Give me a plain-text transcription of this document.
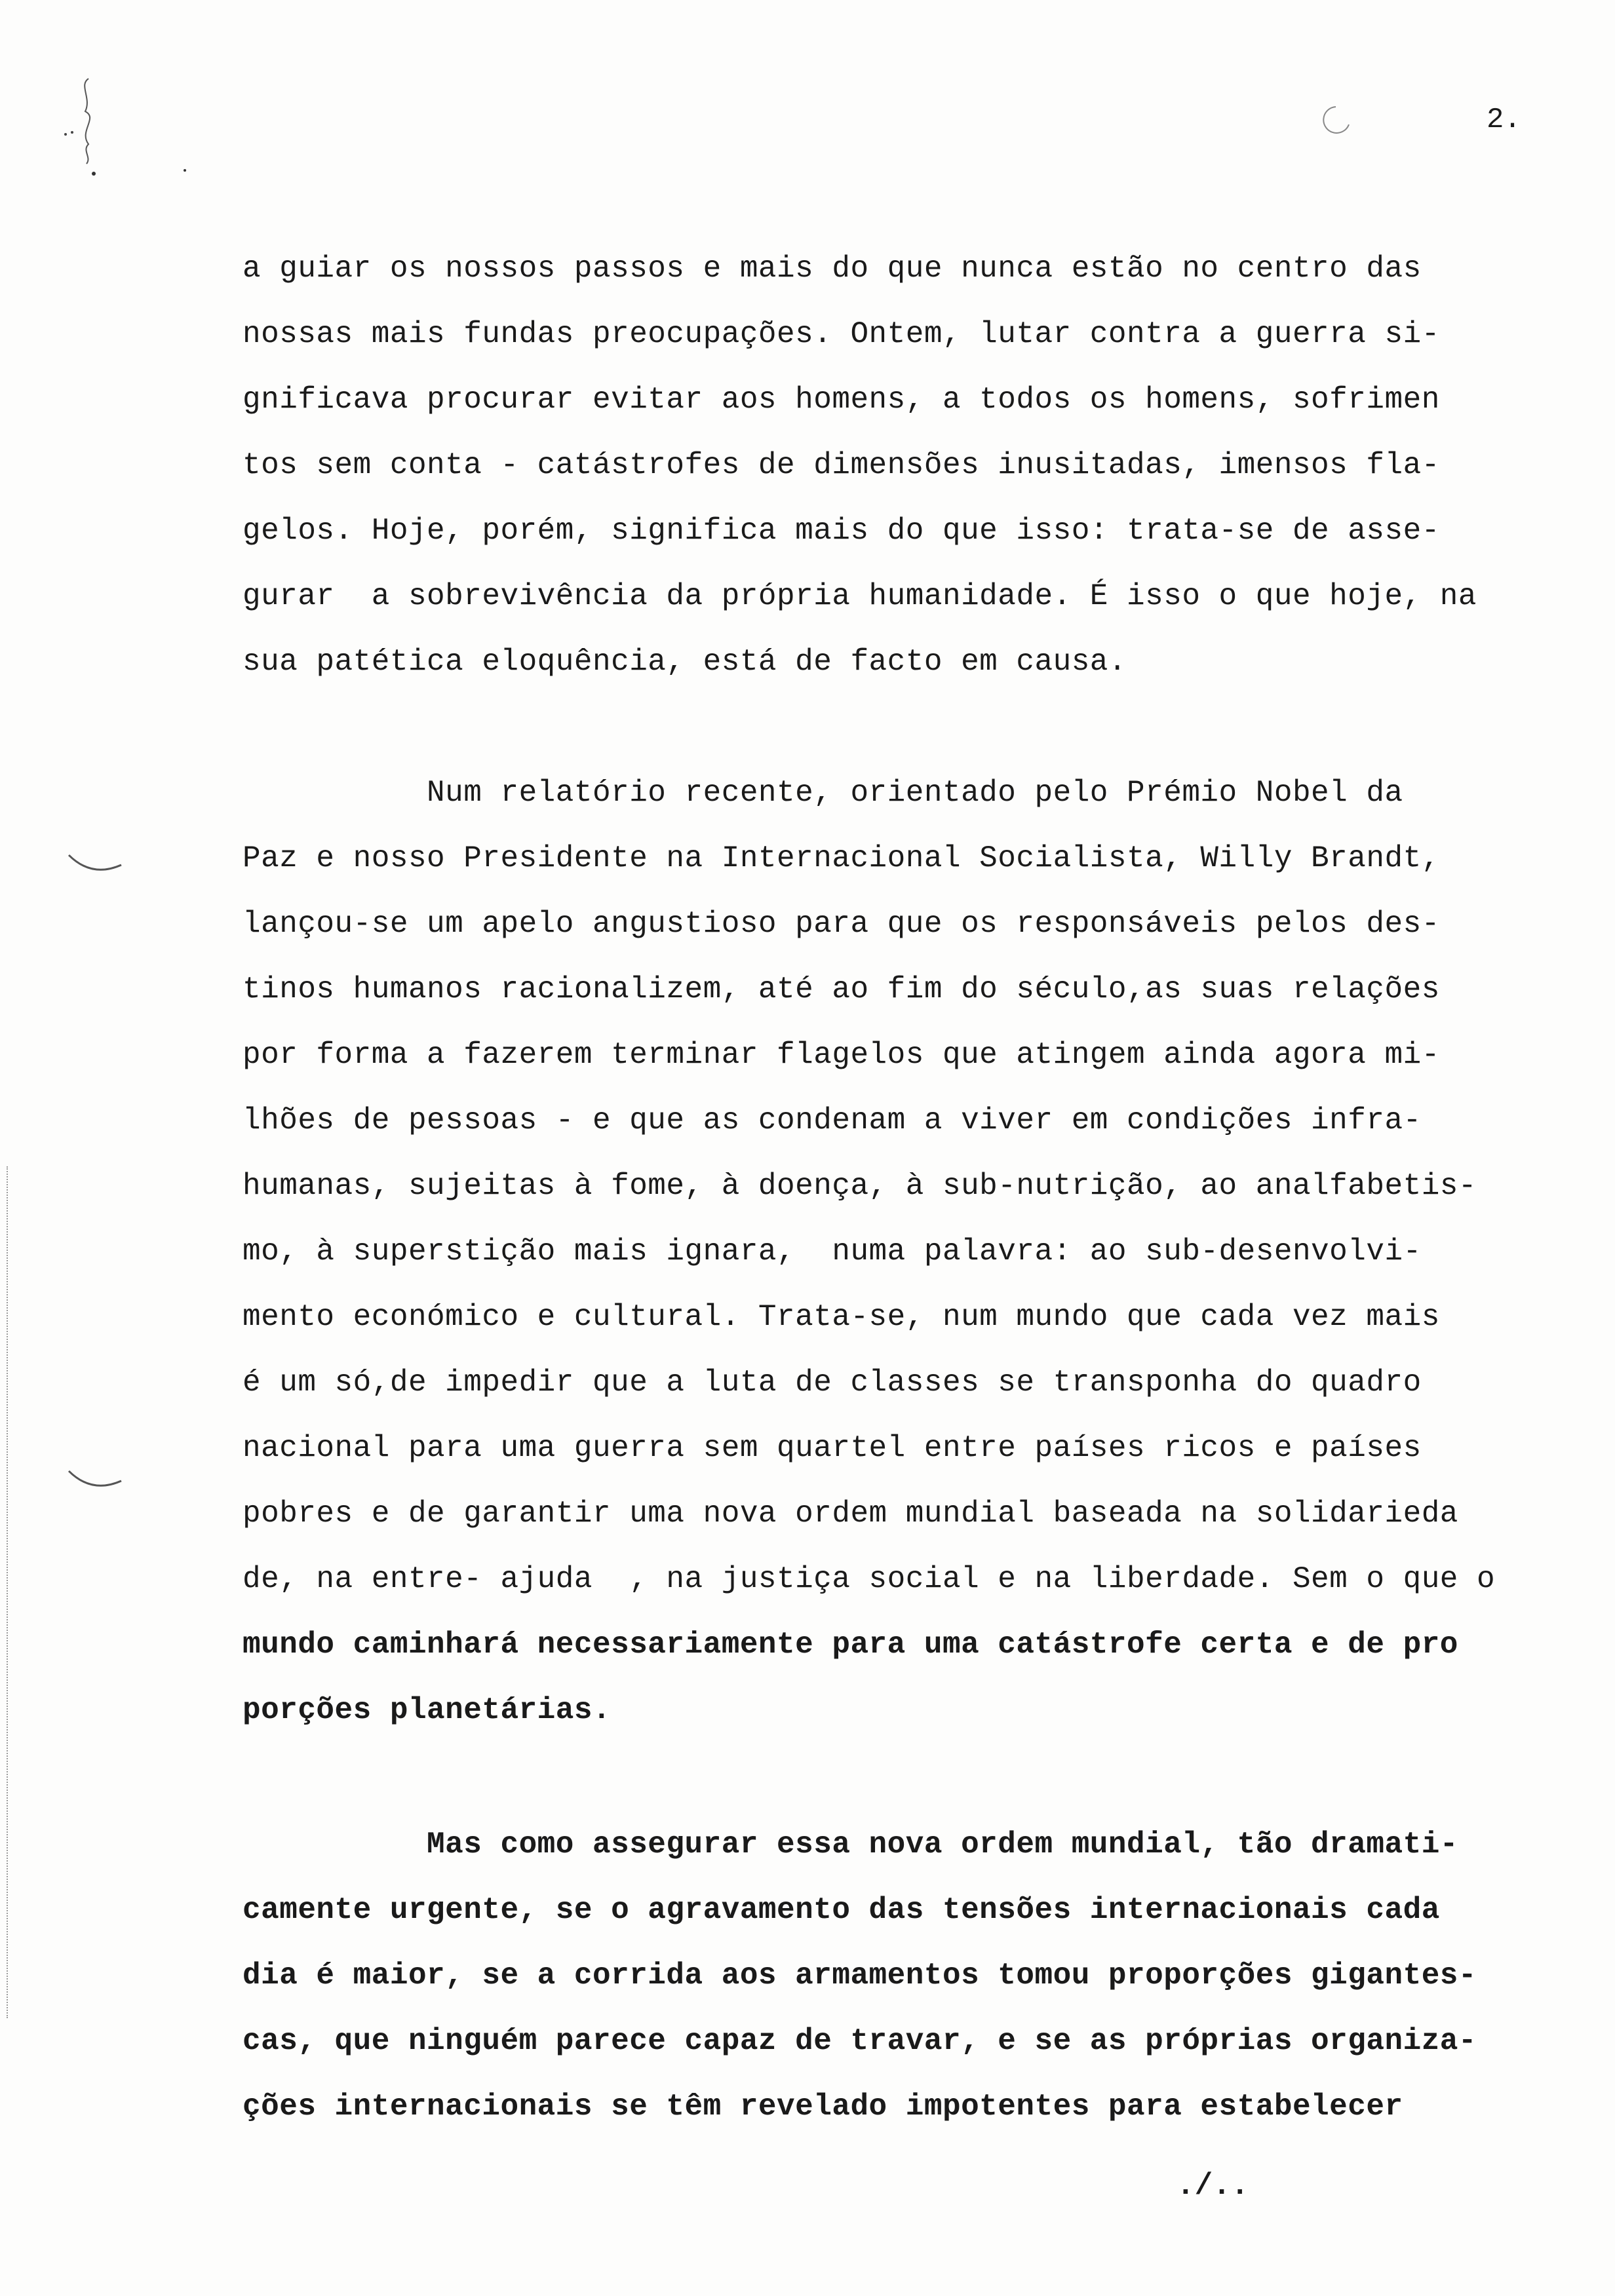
2.
a guiar os nossos passos e mais do que nunca estão no centro das
nossas mais fundas preocupações. Ontem, lutar contra a guerra si-
gnificava procurar evitar aos homens, a todos os homens, sofrimen
tos sem conta - catástrofes de dimensões inusitadas, imensos fla-
gelos. Hoje, porém, significa mais do que isso: trata-se de asse-
gurar  a sobrevivência da própria humanidade. É isso o que hoje, na
sua patética eloquência, está de facto em causa.
Num relatório recente, orientado pelo Prémio Nobel da
Paz e nosso Presidente na Internacional Socialista, Willy Brandt,
lançou-se um apelo angustioso para que os responsáveis pelos des-
tinos humanos racionalizem, até ao fim do século,as suas relações
por forma a fazerem terminar flagelos que atingem ainda agora mi-
lhões de pessoas - e que as condenam a viver em condições infra-
humanas, sujeitas à fome, à doença, à sub-nutrição, ao analfabetis-
mo, à superstição mais ignara,  numa palavra: ao sub-desenvolvi-
mento económico e cultural. Trata-se, num mundo que cada vez mais
é um só,de impedir que a luta de classes se transponha do quadro
nacional para uma guerra sem quartel entre países ricos e países
pobres e de garantir uma nova ordem mundial baseada na solidarieda
de, na entre- ajuda  , na justiça social e na liberdade. Sem o que o
mundo caminhará necessariamente para uma catástrofe certa e de pro
porções planetárias.
Mas como assegurar essa nova ordem mundial, tão dramati-
camente urgente, se o agravamento das tensões internacionais cada
dia é maior, se a corrida aos armamentos tomou proporções gigantes-
cas, que ninguém parece capaz de travar, e se as próprias organiza-
ções internacionais se têm revelado impotentes para estabelecer
./..
